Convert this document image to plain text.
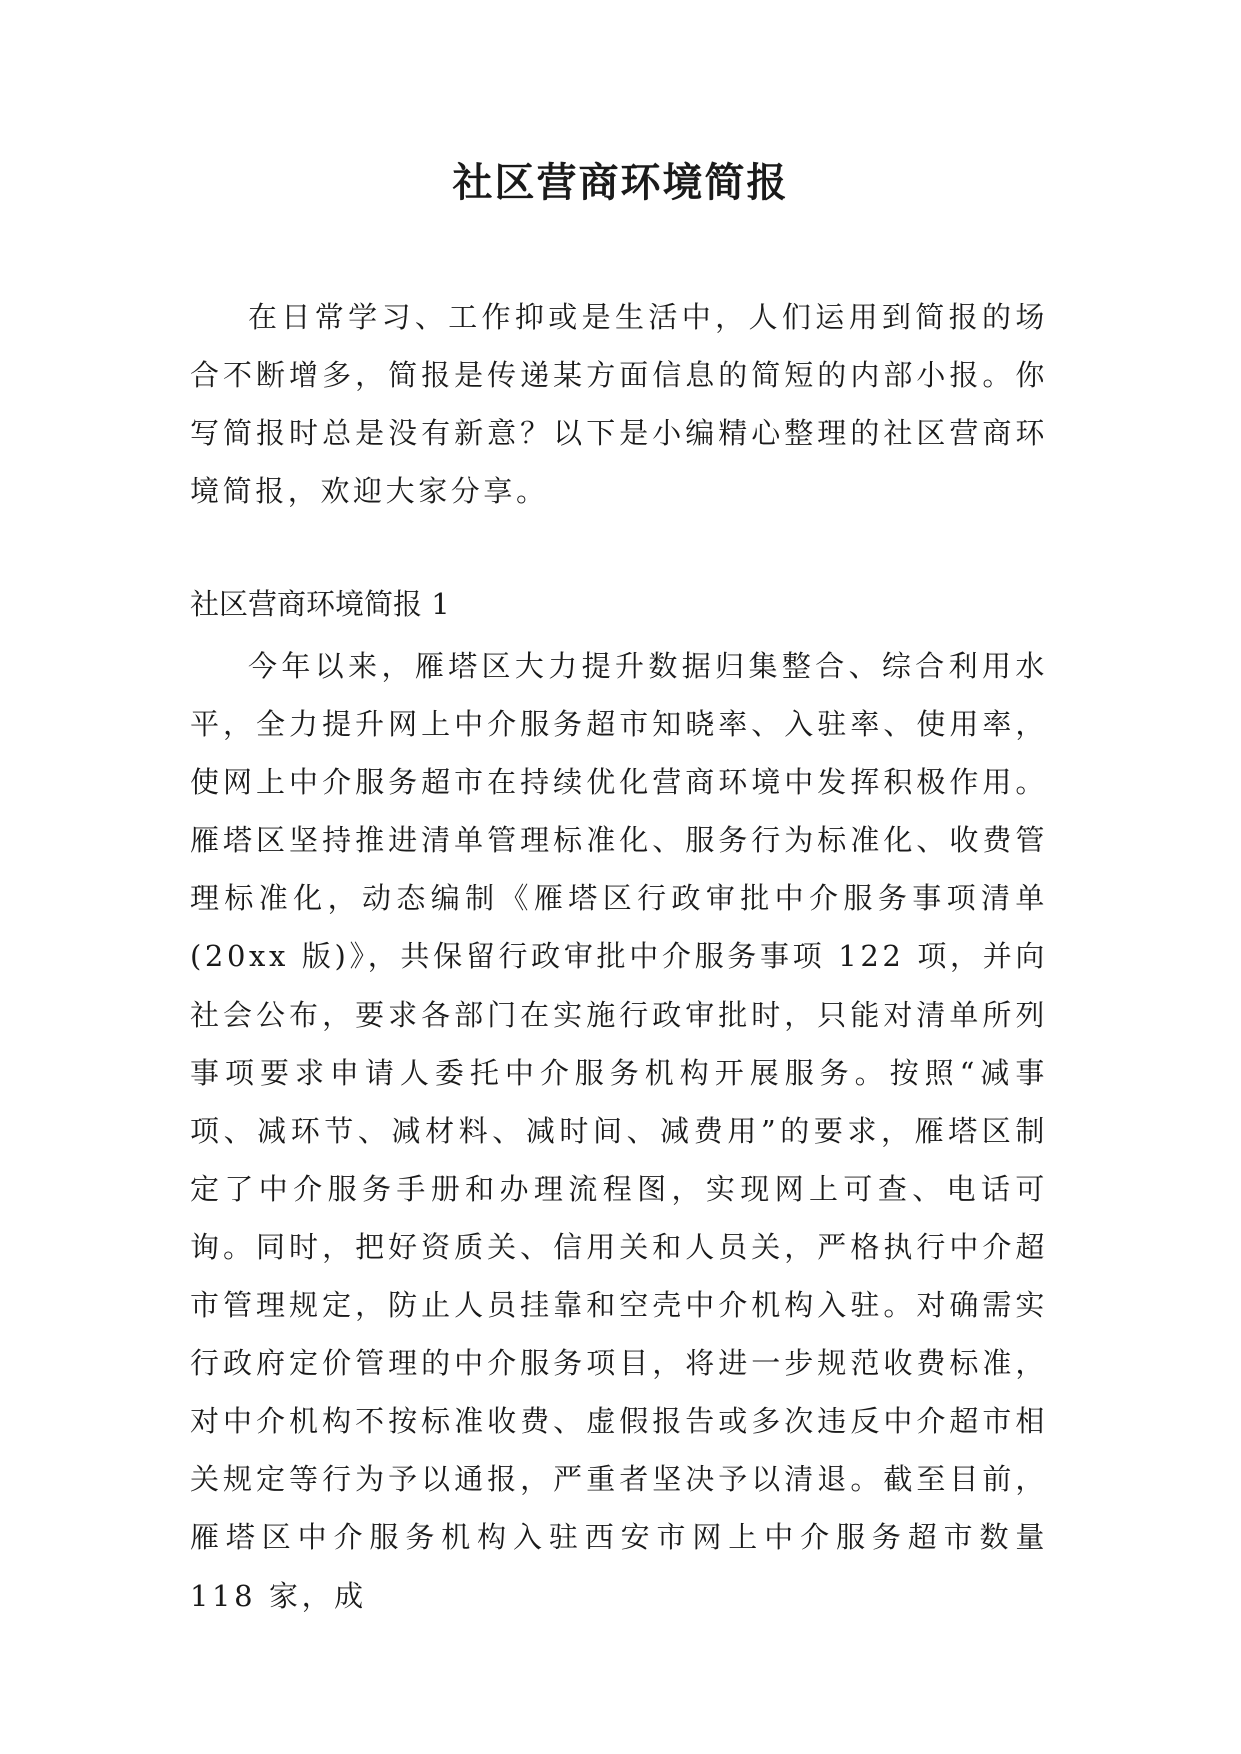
社区营商环境简报

在日常学习、工作抑或是生活中，人们运用到简报的场合不断增多，简报是传递某方面信息的简短的内部小报。你写简报时总是没有新意？以下是小编精心整理的社区营商环境简报，欢迎大家分享。

社区营商环境简报 1

今年以来，雁塔区大力提升数据归集整合、综合利用水平，全力提升网上中介服务超市知晓率、入驻率、使用率，使网上中介服务超市在持续优化营商环境中发挥积极作用。雁塔区坚持推进清单管理标准化、服务行为标准化、收费管理标准化，动态编制《雁塔区行政审批中介服务事项清单(20xx 版)》，共保留行政审批中介服务事项 122 项，并向社会公布，要求各部门在实施行政审批时，只能对清单所列事项要求申请人委托中介服务机构开展服务。按照“减事项、减环节、减材料、减时间、减费用”的要求，雁塔区制定了中介服务手册和办理流程图，实现网上可查、电话可询。同时，把好资质关、信用关和人员关，严格执行中介超市管理规定，防止人员挂靠和空壳中介机构入驻。对确需实行政府定价管理的中介服务项目，将进一步规范收费标准，对中介机构不按标准收费、虚假报告或多次违反中介超市相关规定等行为予以通报，严重者坚决予以清退。截至目前，雁塔区中介服务机构入驻西安市网上中介服务超市数量 118 家，成
